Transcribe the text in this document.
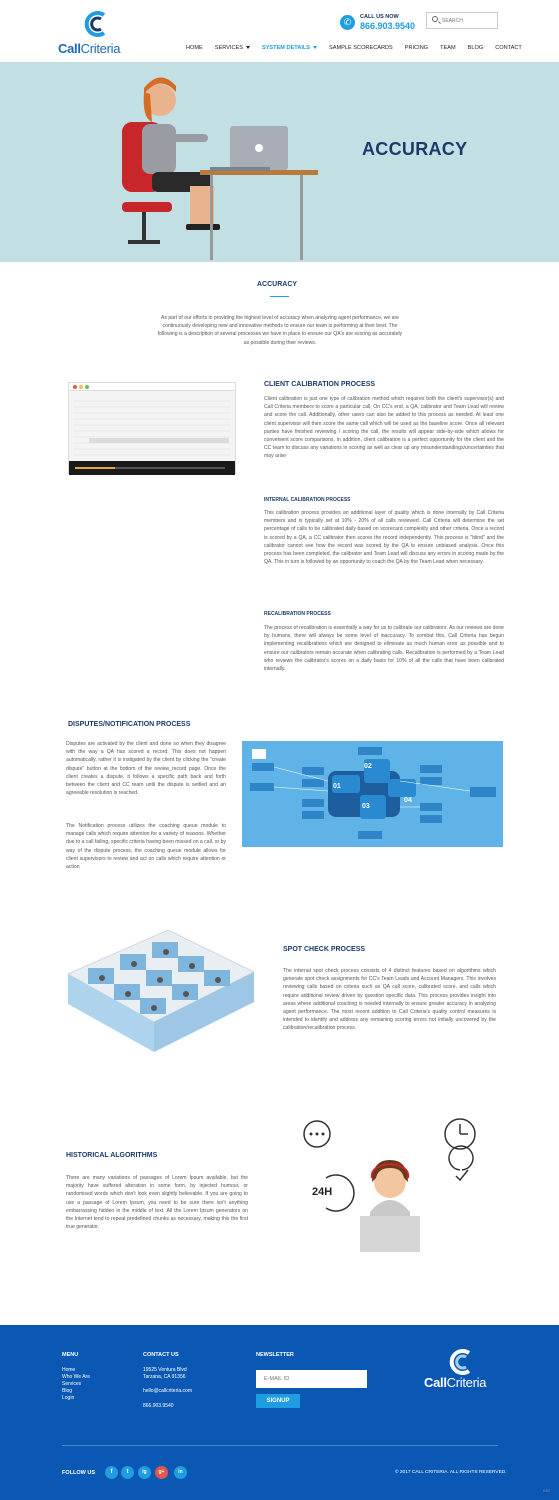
CallCriteria
✆	CALL US NOW
866.903.9540
SEARCH
HOME SERVICES	SYSTEM DETAILS	SAMPLE SCORECARDS PRICING TEAM BLOG CONTACT
ACCURACY
ACCURACY
As part of our efforts in providing the highest level of accuracy when analyzing agent performance, we are continuously developing new and innovative methods to ensure our team is performing at their best. The following is a description of several processes we have in place to ensure our QA's are scoring as accurately as possible during their reviews.
CLIENT CALIBRATION PROCESS
Client calibration is just one type of calibration method which requires both the client's supervisor(s) and Call Criteria members to score a particular call. On CC's end, a QA, calibrator and Team Lead will review and score the call. Additionally, other users can also be added to this process as needed. At least one client supervisor will then score the same call which will be used as the baseline score. Once all relevant parties have finished reviewing / scoring the call, the results will appear side-by-side which allows for convenient score comparisons. In addition, client calibration is a perfect opportunity for the client and the CC team to discuss any variations in scoring as well as clear up any misunderstandings/uncertainties that may arise
INTERNAL CALIBRATION PROCESS
This calibration process provides an additional layer of quality which is done internally by Call Criteria members and is typically set at 10% - 20% of all calls reviewed. Call Criteria will determine the set percentage of calls to be calibrated daily based on scorecard complexity and other criteria. Once a record is scored by a QA, a CC calibrator then scores the record independently. This process is "blind" and the calibrator cannot see how the record was scored by the QA to ensure unbiased analysis. Once this process has been completed, the calibrator and Team Lead will discuss any errors in scoring made by the QA. This in turn is followed by an opportunity to coach the QA by the Team Lead when necessary.
RECALIBRATION PROCESS
The process of recalibration is essentially a way for us to calibrate our calibrators. As our reviews are done by humans, there will always be some level of inaccuracy. To combat this, Call Criteria has begun implementing recalibrations which are designed to eliminate as much human error as possible and to ensure our calibrators remain accurate when calibrating calls. Recalibration is performed by a Team Lead who reviews the calibrator's scores on a daily basis for 10% of all the calls that have been calibrated internally.
DISPUTES/NOTIFICATION PROCESS
Disputes are activated by the client and done so when they disagree with the way a QA has scored a record. This does not happen automatically, rather it is instigated by the client by clicking the "create dispute" button at the bottom of the review_record page. Once the client creates a dispute, it follows a specific path back and forth between the client and CC team until the dispute is settled and an agreeable resolution is reached.
The Notification process utilizes the coaching queue module to manage calls which require attention for a variety of reasons. Whether due to a call failing, specific criteria having been missed on a call, or by way of the dispute process, the coaching queue module allows for client supervisors to review and act on calls which require attention or action
01
02
03
04
SPOT CHECK PROCESS
The internal spot check process consists of 4 distinct features based on algorithms which generate spot check assignments for CC's Team Leads and Account Managers. This involves reviewing calls based on criteria such as QA call score, calibrated score, and calls which require additional review driven by question specific data. This process provides insight into areas where additional coaching is needed internally to ensure greater accuracy in analyzing agent performance. The most recent addition to Call Criteria's quality control measures is intended to identify and address any remaining scoring errors not initially uncovered by the calibration/recalibration process.
HISTORICAL ALGORITHMS
There are many variations of passages of Lorem Ipsum available, but the majority have suffered alteration in some form, by injected humour, or randomised words which don't look even slightly believable. If you are going to use a passage of Lorem Ipsum, you need to be sure there isn't anything embarrassing hidden in the middle of text. All the Lorem Ipsum generators on the Internet tend to repeat predefined chunks as necessary, making this the first true generator.
24H
MENU
Home
Who We Are
Services
Blog
Login
CONTACT US
19525 Ventura Blvd
Tarzana, CA 91356
hello@callcriteria.com
866.903.9540
NEWSLETTER
E-MAIL ID
SIGNUP
CallCriteria
FOLLOW US	f	t	ig	g+	in	© 2017 CALL CRITERIA. ALL RIGHTS RESERVED.
K37
